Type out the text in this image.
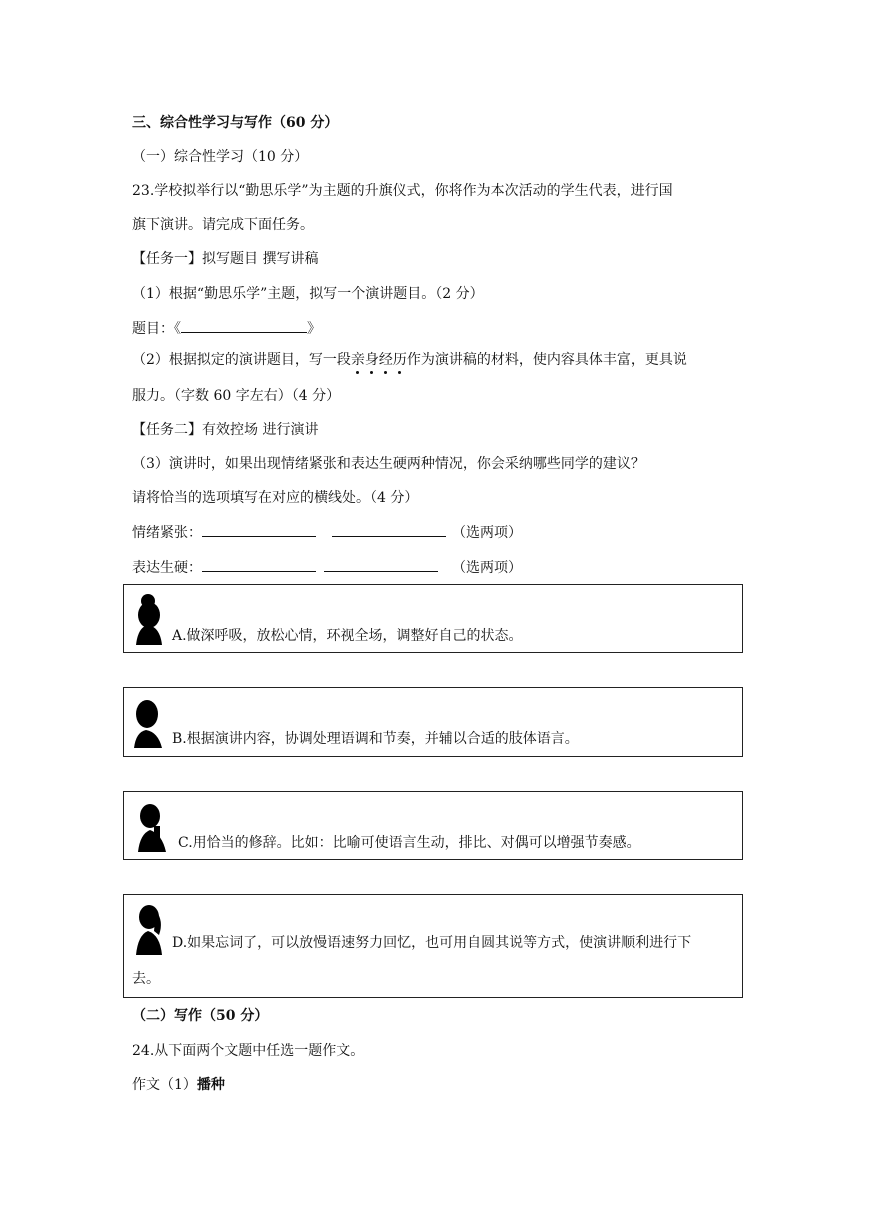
三、综合性学习与写作（60 分）
（一）综合性学习（10 分）
23.学校拟举行以“勤思乐学”为主题的升旗仪式，你将作为本次活动的学生代表，进行国
旗下演讲。请完成下面任务。
【任务一】拟写题目 撰写讲稿
（1）根据“勤思乐学”主题，拟写一个演讲题目。（2 分）
题目：《	》
（2）根据拟定的演讲题目，写一段亲身经历作为演讲稿的材料，使内容具体丰富，更具说
服力。（字数 60 字左右）（4 分）
【任务二】有效控场 进行演讲
（3）演讲时，如果出现情绪紧张和表达生硬两种情况，你会采纳哪些同学的建议？
请将恰当的选项填写在对应的横线处。（4 分）
情绪紧张：	（选两项）
表达生硬：	（选两项）
A.做深呼吸，放松心情，环视全场，调整好自己的状态。
B.根据演讲内容，协调处理语调和节奏，并辅以合适的肢体语言。
C.用恰当的修辞。比如：比喻可使语言生动，排比、对偶可以增强节奏感。
D.如果忘词了，可以放慢语速努力回忆，也可用自圆其说等方式，使演讲顺利进行下
去。
（二）写作（50 分）
24.从下面两个文题中任选一题作文。
作文（1）播种
